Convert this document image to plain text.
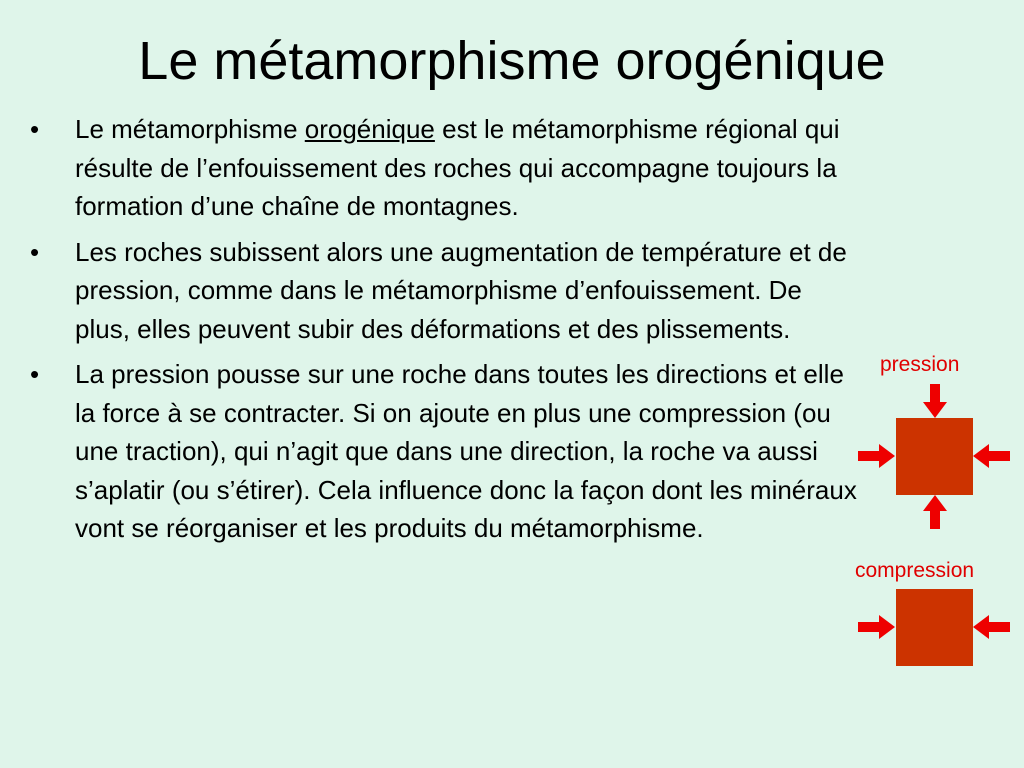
Le métamorphisme orogénique
• Le métamorphisme orogénique est le métamorphisme régional qui résulte de l’enfouissement des roches qui accompagne toujours la formation d’une chaîne de montagnes.
• Les roches subissent alors une augmentation de température et de pression, comme dans le métamorphisme d’enfouissement. De plus, elles peuvent subir des déformations et des plissements.
• La pression pousse sur une roche dans toutes les directions et elle la force à se contracter. Si on ajoute en plus une compression (ou une traction), qui n’agit que dans une direction, la roche va aussi s’aplatir (ou s’étirer). Cela influence donc la façon dont les minéraux vont se réorganiser et les produits du métamorphisme.
pression
compression
